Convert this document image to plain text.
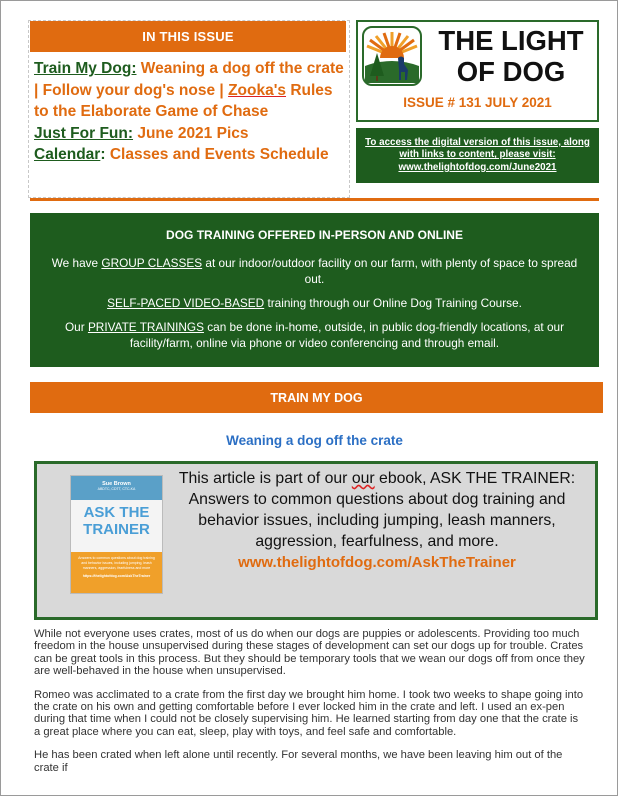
IN THIS ISSUE
Train My Dog: Weaning a dog off the crate | Follow your dog's nose | Zooka's Rules to the Elaborate Game of Chase
Just For Fun: June 2021 Pics
Calendar: Classes and Events Schedule
THE LIGHT OF DOG
ISSUE # 131 JULY 2021
To access the digital version of this issue, along with links to content, please visit:
www.thelightofdog.com/June2021
DOG TRAINING OFFERED IN-PERSON AND ONLINE
We have GROUP CLASSES at our indoor/outdoor facility on our farm, with plenty of space to spread out.
SELF-PACED VIDEO-BASED training through our Online Dog Training Course.
Our PRIVATE TRAININGS can be done in-home, outside, in public dog-friendly locations, at our facility/farm, online via phone or video conferencing and through email.
TRAIN MY DOG
Weaning a dog off the crate
Sue Brown
ABDTC, CDTT, CTC-KA
ASK THE TRAINER
Answers to common questions about dog training and behavior issues, including jumping, leash manners, aggression, fearfulness and more
https://thelightofdog.com/AskTheTrainer
This article is part of our our ebook, ASK THE TRAINER: Answers to common questions about dog training and behavior issues, including jumping, leash manners, aggression, fearfulness, and more.
www.thelightofdog.com/AskTheTrainer

While not everyone uses crates, most of us do when our dogs are puppies or adolescents. Providing too much freedom in the house unsupervised during these stages of development can set our dogs up for trouble. Crates can be great tools in this process. But they should be temporary tools that we wean our dogs off from once they are well-behaved in the house when unsupervised.

Romeo was acclimated to a crate from the first day we brought him home. I took two weeks to shape going into the crate on his own and getting comfortable before I ever locked him in the crate and left. I used an ex-pen during that time when I could not be closely supervising him. He learned starting from day one that the crate is a great place where you can eat, sleep, play with toys, and feel safe and comfortable.

He has been crated when left alone until recently. For several months, we have been leaving him out of the crate if
